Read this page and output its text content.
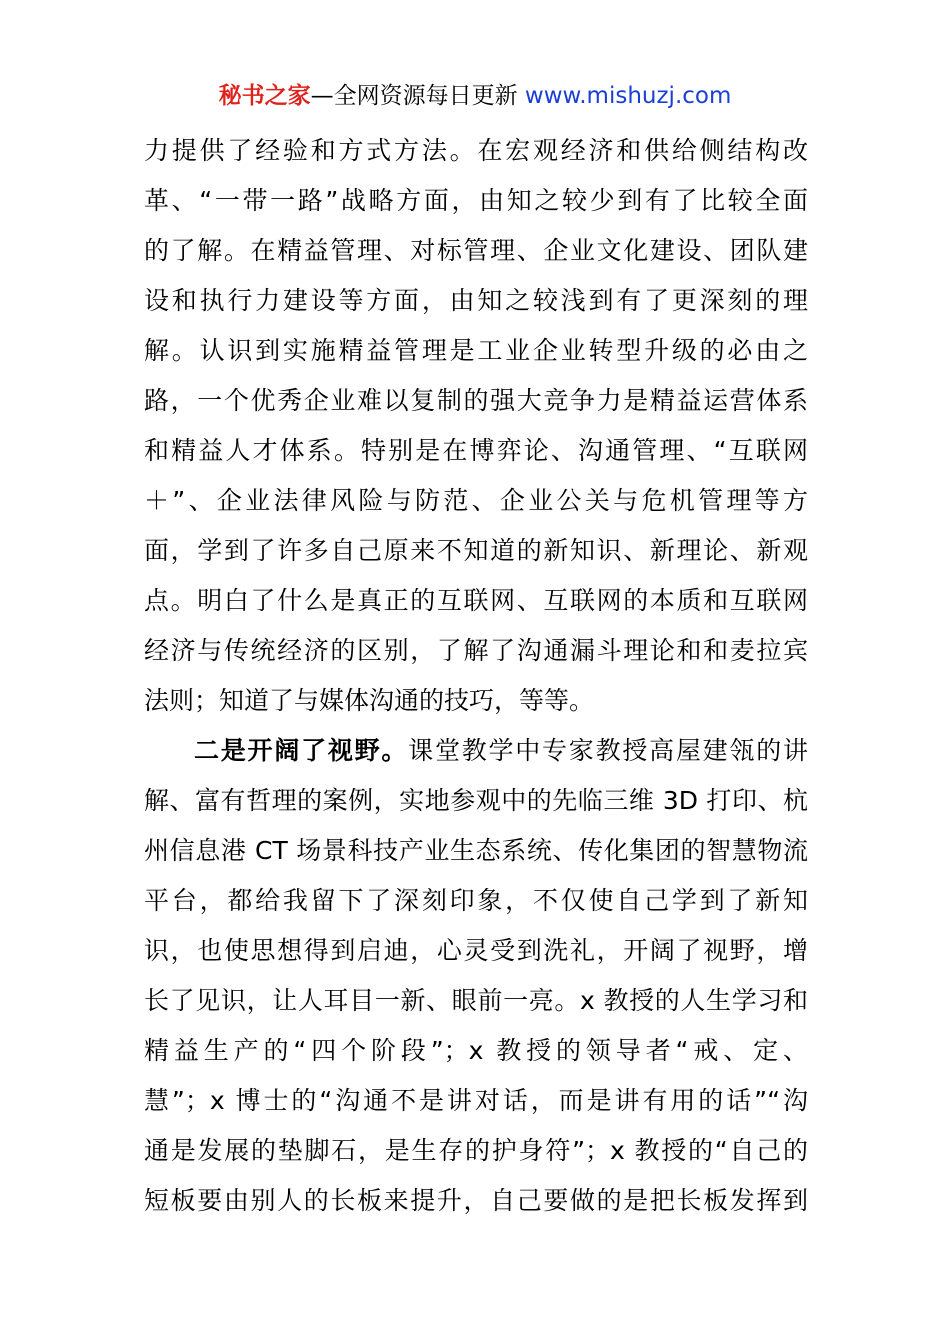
秘书之家—全网资源每日更新 www.mishuzj.com
力提供了经验和方式方法。在宏观经济和供给侧结构改
革、“一带一路”战略方面，由知之较少到有了比较全面
的了解。在精益管理、对标管理、企业文化建设、团队建
设和执行力建设等方面，由知之较浅到有了更深刻的理
解。认识到实施精益管理是工业企业转型升级的必由之
路，一个优秀企业难以复制的强大竞争力是精益运营体系
和精益人才体系。特别是在博弈论、沟通管理、“互联网
＋”、企业法律风险与防范、企业公关与危机管理等方
面，学到了许多自己原来不知道的新知识、新理论、新观
点。明白了什么是真正的互联网、互联网的本质和互联网
经济与传统经济的区别，了解了沟通漏斗理论和和麦拉宾
法则；知道了与媒体沟通的技巧，等等。
二是开阔了视野。课堂教学中专家教授高屋建瓴的讲
解、富有哲理的案例，实地参观中的先临三维 3D 打印、杭
州信息港 CT 场景科技产业生态系统、传化集团的智慧物流
平台，都给我留下了深刻印象，不仅使自己学到了新知
识，也使思想得到启迪，心灵受到洗礼，开阔了视野，增
长了见识，让人耳目一新、眼前一亮。x 教授的人生学习和
精益生产的“四个阶段”；x 教授的领导者“戒、定、
慧”；x 博士的“沟通不是讲对话，而是讲有用的话”“沟
通是发展的垫脚石，是生存的护身符”；x 教授的“自己的
短板要由别人的长板来提升，自己要做的是把长板发挥到
